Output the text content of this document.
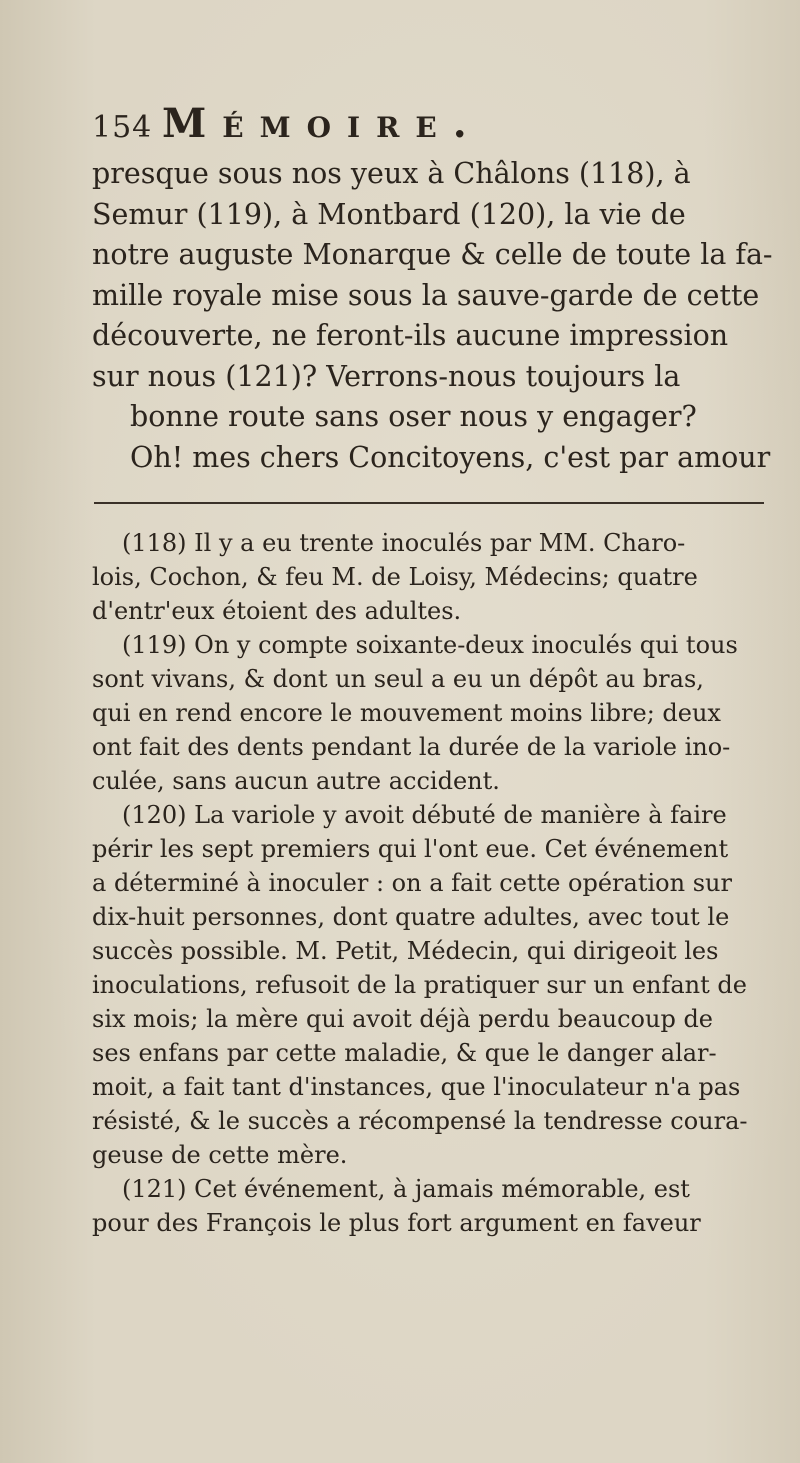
154 Mémoire.

presque sous nos yeux à Châlons (118), à

Semur (119), à Montbard (120), la vie de

notre auguste Monarque & celle de toute la fa-

mille royale mise sous la sauve-garde de cette

découverte, ne feront-ils aucune impression

sur nous (121)? Verrons-nous toujours la

bonne route sans oser nous y engager?

Oh! mes chers Concitoyens, c'est par amour

(118) Il y a eu trente inoculés par MM. Charo-

lois, Cochon, & feu M. de Loisy, Médecins; quatre

d'entr'eux étoient des adultes.

(119) On y compte soixante-deux inoculés qui tous

sont vivans, & dont un seul a eu un dépôt au bras,

qui en rend encore le mouvement moins libre; deux

ont fait des dents pendant la durée de la variole ino-

culée, sans aucun autre accident.

(120) La variole y avoit débuté de manière à faire

périr les sept premiers qui l'ont eue. Cet événement

a déterminé à inoculer : on a fait cette opération sur

dix-huit personnes, dont quatre adultes, avec tout le

succès possible. M. Petit, Médecin, qui dirigeoit les

inoculations, refusoit de la pratiquer sur un enfant de

six mois; la mère qui avoit déjà perdu beaucoup de

ses enfans par cette maladie, & que le danger alar-

moit, a fait tant d'instances, que l'inoculateur n'a pas

résisté, & le succès a récompensé la tendresse coura-

geuse de cette mère.

(121) Cet événement, à jamais mémorable, est

pour des François le plus fort argument en faveur
